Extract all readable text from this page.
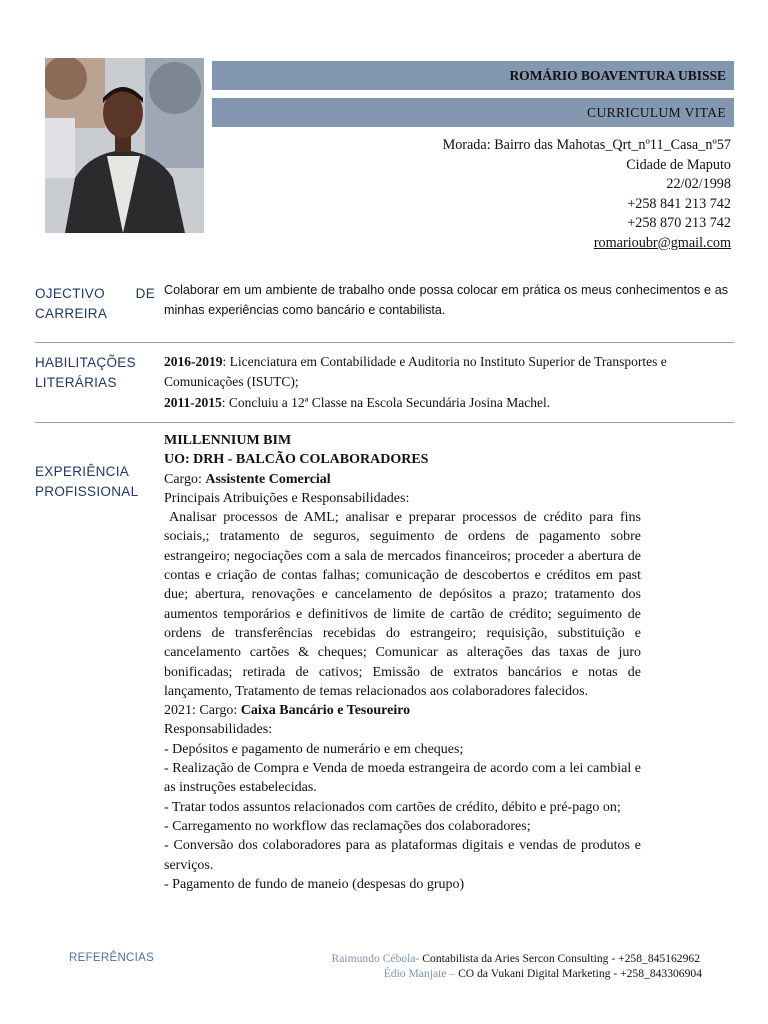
ROMÁRIO BOAVENTURA UBISSE
CURRICULUM VITAE
Morada: Bairro das Mahotas_Qrt_nº11_Casa_nº57
Cidade de Maputo
22/02/1998
+258 841 213 742
+258 870 213 742
romarioubr@gmail.com
OJECTIVO DE
CARREIRA
Colaborar em um ambiente de trabalho onde possa colocar em prática os meus conhecimentos e as minhas experiências como bancário e contabilista.
HABILITAÇÕES
LITERÁRIAS

2016-2019: Licenciatura em Contabilidade e Auditoria no Instituto Superior de Transportes e Comunicações (ISUTC);

2011-2015: Concluiu a 12ª Classe na Escola Secundária Josina Machel.

EXPERIÊNCIA
PROFISSIONAL

MILLENNIUM BIM

UO: DRH - BALCÃO COLABORADORES

Cargo: Assistente Comercial

Principais Atribuições e Responsabilidades:

Analisar processos de AML; analisar e preparar processos de crédito para fins sociais,; tratamento de seguros, seguimento de ordens de pagamento sobre estrangeiro; negociações com a sala de mercados financeiros; proceder a abertura de contas e criação de contas falhas; comunicação de descobertos e créditos em past due; abertura, renovações e cancelamento de depósitos a prazo; tratamento dos aumentos temporários e definitivos de limite de cartão de crédito; seguimento de ordens de transferências recebidas do estrangeiro; requisição, substituição e cancelamento cartões & cheques; Comunicar as alterações das taxas de juro bonificadas; retirada de cativos; Emissão de extratos bancários e notas de lançamento, Tratamento de temas relacionados aos colaboradores falecidos.

2021: Cargo: Caixa Bancário e Tesoureiro

Responsabilidades:

- Depósitos e pagamento de numerário e em cheques;

- Realização de Compra e Venda de moeda estrangeira de acordo com a lei cambial e as instruções estabelecidas.

- Tratar todos assuntos relacionados com cartões de crédito, débito e pré-pago on;

- Carregamento no workflow das reclamações dos colaboradores;

- Conversão dos colaboradores para as plataformas digitais e vendas de produtos e serviços.

- Pagamento de fundo de maneio (despesas do grupo)

REFERÊNCIAS	Raimundo Cébola- Contabilista da Aries Sercon Consulting - +258_845162962
Édio Manjate – CO da Vukani Digital Marketing - +258_843306904
